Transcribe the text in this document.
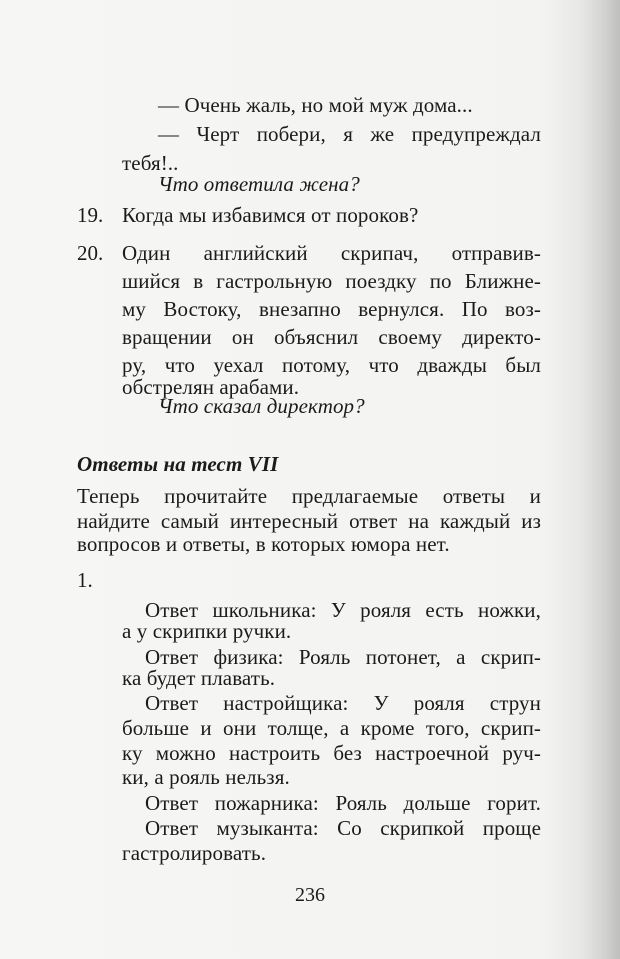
— Очень жаль, но мой муж дома...
— Черт побери, я же предупреждал
тебя!..
Что ответила жена?
19. Когда мы избавимся от пороков?
20. Один английский скрипач, отправив-
шийся в гастрольную поездку по Ближне-
му Востоку, внезапно вернулся. По воз-
вращении он объяснил своему директо-
ру, что уехал потому, что дважды был
обстрелян арабами.
Что сказал директор?
Ответы на тест VII
Теперь прочитайте предлагаемые ответы и
найдите самый интересный ответ на каждый из
вопросов и ответы, в которых юмора нет.
1.
Ответ школьника: У рояля есть ножки,
а у скрипки ручки.
Ответ физика: Рояль потонет, а скрип-
ка будет плавать.
Ответ настройщика: У рояля струн
больше и они толще, а кроме того, скрип-
ку можно настроить без настроечной руч-
ки, а рояль нельзя.
Ответ пожарника: Рояль дольше горит.
Ответ музыканта: Со скрипкой проще
гастролировать.
236
